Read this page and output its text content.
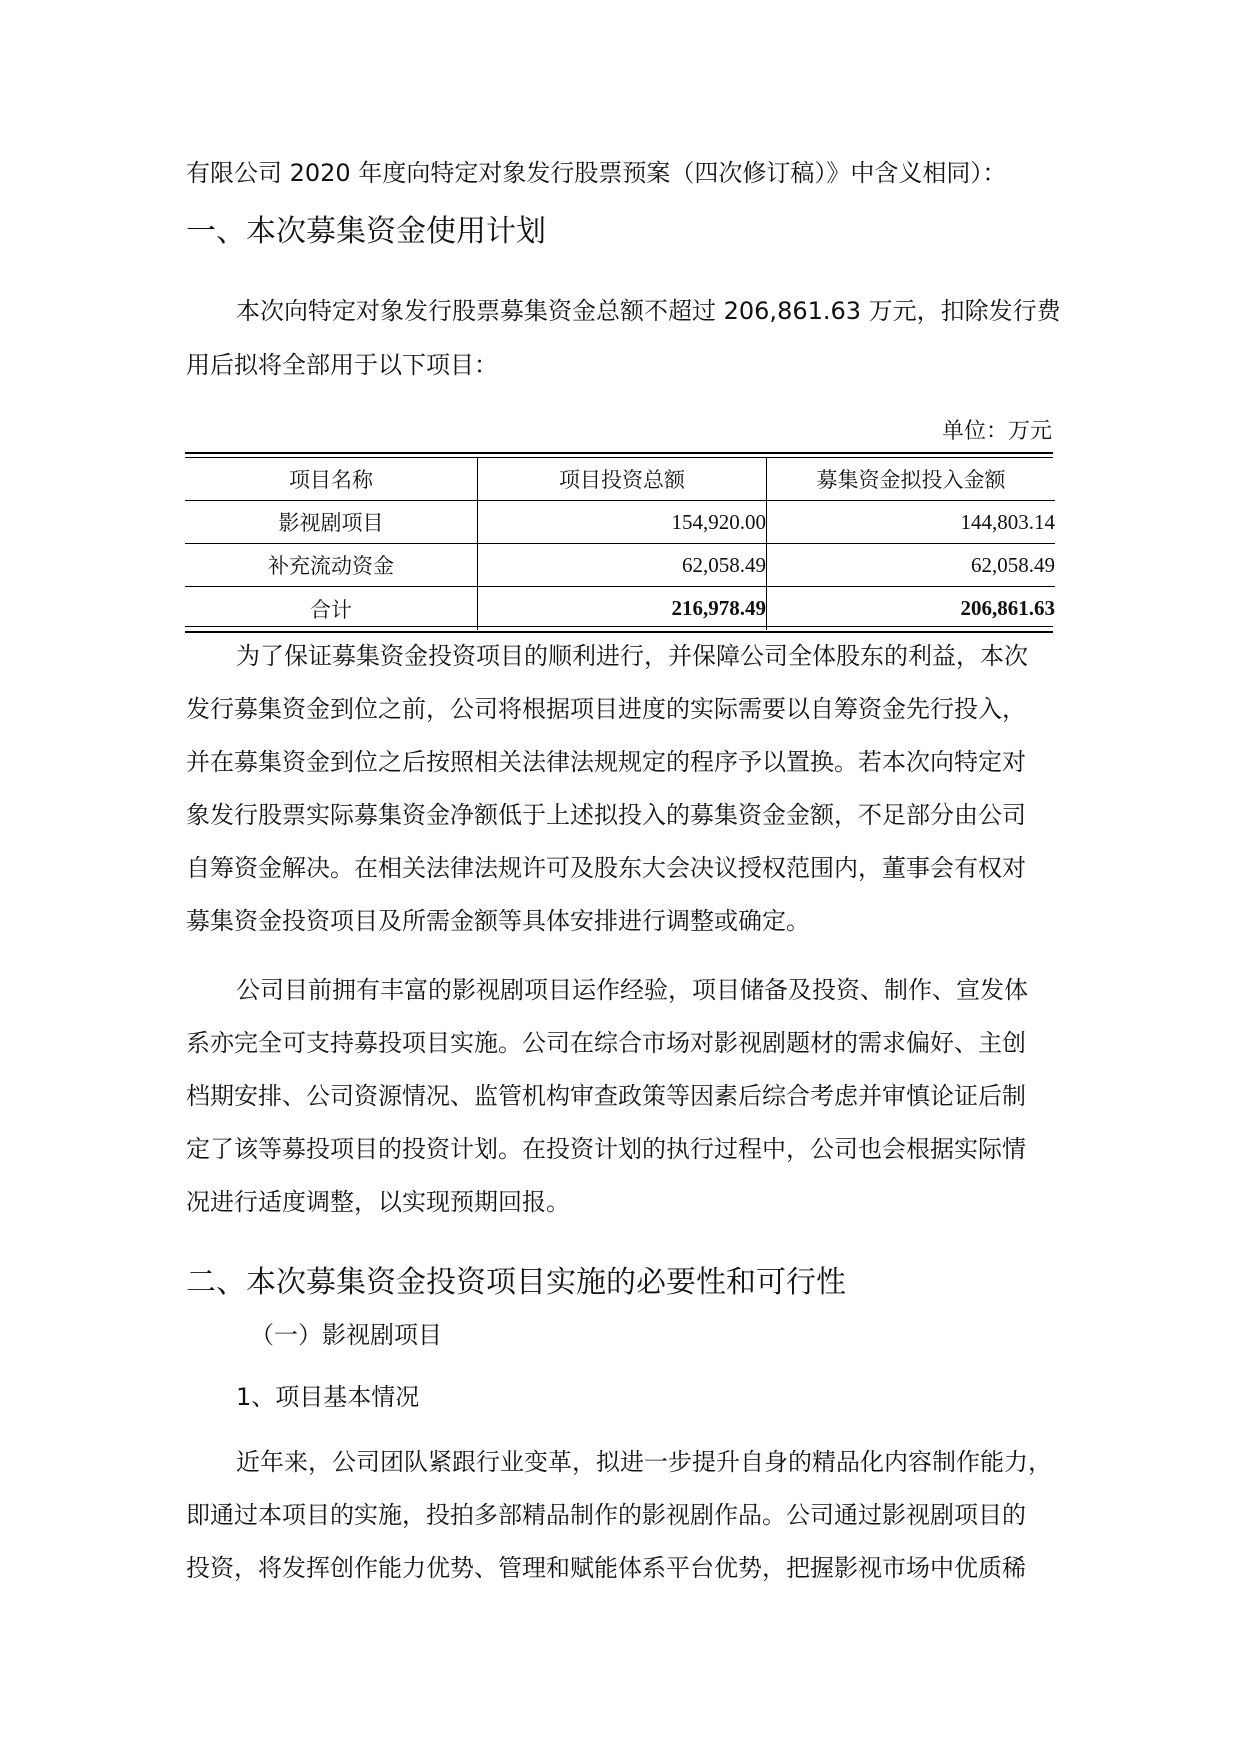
有限公司 2020 年度向特定对象发行股票预案（四次修订稿）》中含义相同）：
一、本次募集资金使用计划
本次向特定对象发行股票募集资金总额不超过 206,861.63 万元，扣除发行费
用后拟将全部用于以下项目：
单位：万元
项目名称	项目投资总额	募集资金拟投入金额
影视剧项目	154,920.00	144,803.14
补充流动资金	62,058.49	62,058.49
合计	216,978.49	206,861.63
为了保证募集资金投资项目的顺利进行，并保障公司全体股东的利益，本次
发行募集资金到位之前，公司将根据项目进度的实际需要以自筹资金先行投入，
并在募集资金到位之后按照相关法律法规规定的程序予以置换。若本次向特定对
象发行股票实际募集资金净额低于上述拟投入的募集资金金额，不足部分由公司
自筹资金解决。在相关法律法规许可及股东大会决议授权范围内，董事会有权对
募集资金投资项目及所需金额等具体安排进行调整或确定。
公司目前拥有丰富的影视剧项目运作经验，项目储备及投资、制作、宣发体
系亦完全可支持募投项目实施。公司在综合市场对影视剧题材的需求偏好、主创
档期安排、公司资源情况、监管机构审查政策等因素后综合考虑并审慎论证后制
定了该等募投项目的投资计划。在投资计划的执行过程中，公司也会根据实际情
况进行适度调整，以实现预期回报。
二、本次募集资金投资项目实施的必要性和可行性
（一）影视剧项目
1、项目基本情况
近年来，公司团队紧跟行业变革，拟进一步提升自身的精品化内容制作能力，
即通过本项目的实施，投拍多部精品制作的影视剧作品。公司通过影视剧项目的
投资，将发挥创作能力优势、管理和赋能体系平台优势，把握影视市场中优质稀
